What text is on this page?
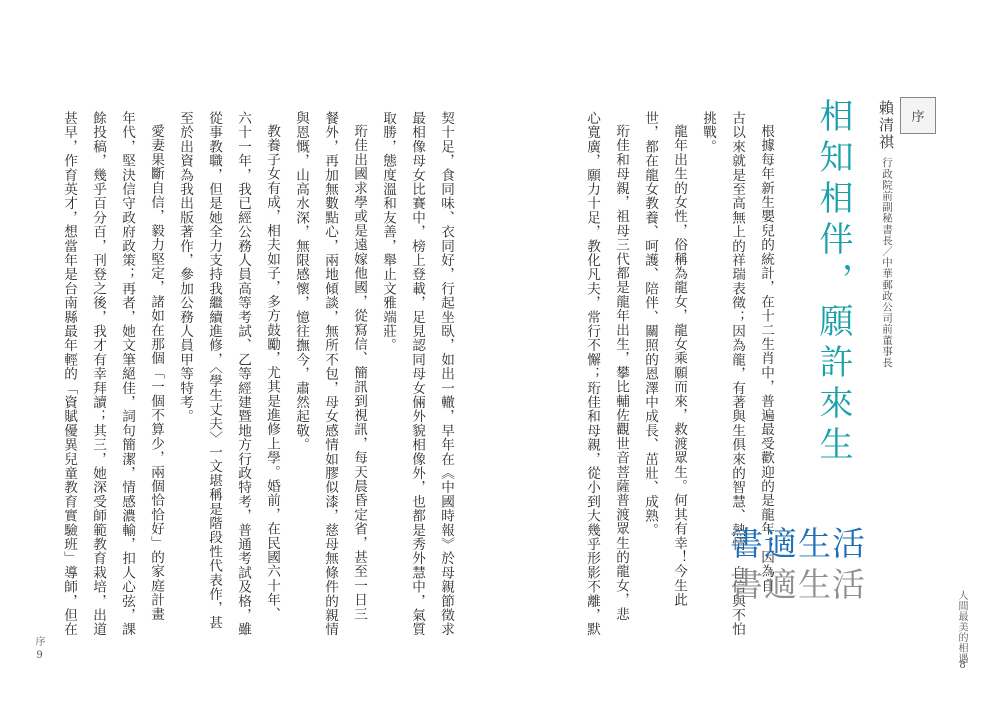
序
相知相伴，願許來生 賴清祺
行政院前副秘書長／中華郵政公司前董事長
根據每年新生嬰兒的統計，在十二生肖中，普遍最受歡迎的是龍年；因為自
古以來就是至高無上的祥瑞表徵；因為龍，有著與生俱來的智慧、熱情、自信與不怕
挑戰。
龍年出生的女性，俗稱為龍女，龍女乘願而來，救渡眾生。何其有幸！今生此
世，都在龍女教養、呵護、陪伴、關照的恩澤中成長、茁壯、成熟。
珩佳和母親，祖母三代都是龍年出生，攀比輔佐觀世音菩薩普渡眾生的龍女，悲
心寬廣，願力十足，教化凡夫，常行不懈；珩佳和母親，從小到大幾乎形影不離，默
契十足，食同味、衣同好，行起坐臥，如出一轍，早年在《中國時報》於母親節徵求
最相像母女比賽中，榜上登載，足見認同母女倆外貌相像外，也都是秀外慧中，氣質
取勝，態度溫和友善，舉止文雅端莊。
珩佳出國求學或是遠嫁他國，從寫信、簡訊到視訊，每天晨昏定省，甚至一日三
餐外，再加無數點心，兩地傾談，無所不包，母女感情如膠似漆，慈母無條件的親情
與恩慨，山高水深，無限感懷，憶往撫今，肅然起敬。
教養子女有成，相夫如子，多方鼓勵，尤其是進修上學。婚前，在民國六十年、
六十一年，我已經公務人員高等考試、乙等經建暨地方行政特考，普通考試及格，雖
從事教職，但是她全力支持我繼續進修，〈學生丈夫〉一文堪稱是階段性代表作，甚
至於出資為我出版著作，參加公務人員甲等特考。
愛妻果斷自信，毅力堅定，諸如在那個「一個不算少，兩個恰恰好」的家庭計畫
年代，堅決信守政府政策；再者，她文筆絕佳，詞句簡潔，情感濃輸，扣人心弦，課
餘投稿，幾乎百分百，刊登之後，我才有幸拜讀；其三，她深受師範教育栽培，出道
甚早，作育英才，想當年是台南縣最年輕的「資賦優異兒童教育實驗班」導師，但在	人間最美的相遇
8
序
9
書適生活
書適生活
